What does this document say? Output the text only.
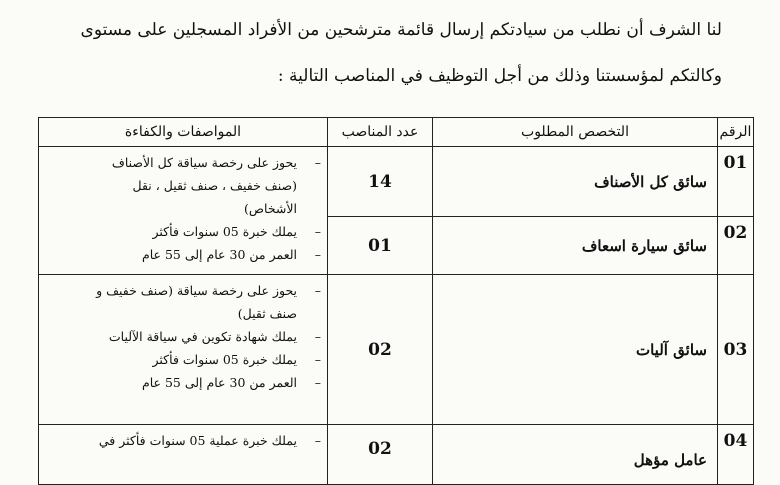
لنا الشرف أن نطلب من سيادتكم إرسال قائمة مترشحين من الأفراد المسجلين على مستوى
وكالتكم لمؤسستنا وذلك من أجل التوظيف في المناصب التالية :
الرقم	التخصص المطلوب	عدد المناصب	المواصفات والكفاءة
01	سائق كل الأصناف	14	– يحوز على رخصة سياقة كل الأصناف
(صنف خفيف ، صنف ثقيل ، نقل
الأشخاص)
– يملك خبرة 05 سنوات فأكثر
– العمر من 30 عام إلى 55 عام

02	سائق سيارة اسعاف	01	
03	سائق آليات	02	– يحوز على رخصة سياقة (صنف خفيف و
صنف ثقيل)
– يملك شهادة تكوين في سياقة الآليات
– يملك خبرة 05 سنوات فأكثر
– العمر من 30 عام إلى 55 عام

04	عامل مؤهل	02	– يملك خبرة عملية 05 سنوات فأكثر في
